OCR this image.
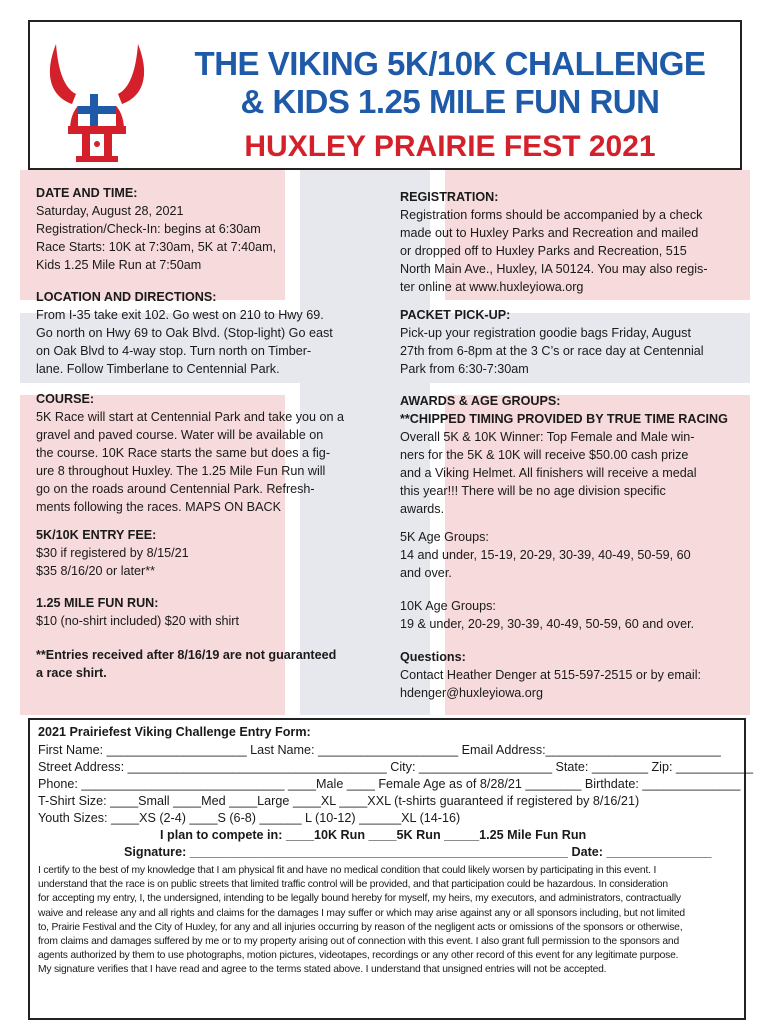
THE VIKING 5K/10K CHALLENGE
& KIDS 1.25 MILE FUN RUN
HUXLEY PRAIRIE FEST 2021
DATE AND TIME:
Saturday, August 28, 2021
Registration/Check-In: begins at 6:30am
Race Starts: 10K at 7:30am, 5K at 7:40am,
Kids 1.25 Mile Run at 7:50am
LOCATION AND DIRECTIONS:
From I-35 take exit 102. Go west on 210 to Hwy 69.
Go north on Hwy 69 to Oak Blvd. (Stop-light) Go east
on Oak Blvd to 4-way stop. Turn north on Timber-
lane. Follow Timberlane to Centennial Park.
COURSE:
5K Race will start at Centennial Park and take you on a
gravel and paved course. Water will be available on
the course. 10K Race starts the same but does a fig-
ure 8 throughout Huxley. The 1.25 Mile Fun Run will
go on the roads around Centennial Park. Refresh-
ments following the races. MAPS ON BACK
5K/10K ENTRY FEE:
$30 if registered by 8/15/21
$35 8/16/20 or later**
1.25 MILE FUN RUN:
$10 (no-shirt included) $20 with shirt
**Entries received after 8/16/19 are not guaranteed
a race shirt.
REGISTRATION:
Registration forms should be accompanied by a check
made out to Huxley Parks and Recreation and mailed
or dropped off to Huxley Parks and Recreation, 515
North Main Ave., Huxley, IA 50124. You may also regis-
ter online at www.huxleyiowa.org
PACKET PICK-UP:
Pick-up your registration goodie bags Friday, August
27th from 6-8pm at the 3 C’s or race day at Centennial
Park from 6:30-7:30am
AWARDS & AGE GROUPS:
**CHIPPED TIMING PROVIDED BY TRUE TIME RACING
Overall 5K & 10K Winner: Top Female and Male win-
ners for the 5K & 10K will receive $50.00 cash prize
and a Viking Helmet. All finishers will receive a medal
this year!!! There will be no age division specific
awards.
5K Age Groups:
14 and under, 15-19, 20-29, 30-39, 40-49, 50-59, 60
and over.
10K Age Groups:
19 & under, 20-29, 30-39, 40-49, 50-59, 60 and over.
Questions:
Contact Heather Denger at 515-597-2515 or by email:
hdenger@huxleyiowa.org
2021 Prairiefest Viking Challenge Entry Form:
First Name: ____________________ Last Name: ____________________ Email Address:_________________________
Street Address: _____________________________________ City: ___________________ State: ________ Zip: ___________
Phone: _____________________________ ____Male ____ Female Age as of 8/28/21 ________ Birthdate: ______________
T-Shirt Size: ____Small ____Med ____Large ____XL ____XXL (t-shirts guaranteed if registered by 8/16/21)
Youth Sizes: ____XS (2-4) ____S (6-8) ______ L (10-12) ______XL (14-16)
I plan to compete in: ____10K Run ____5K Run _____1.25 Mile Fun Run
Signature: ______________________________________________________ Date: _______________
I certify to the best of my knowledge that I am physical fit and have no medical condition that could likely worsen by participating in this event. I
understand that the race is on public streets that limited traffic control will be provided, and that participation could be hazardous. In consideration
for accepting my entry, I, the undersigned, intending to be legally bound hereby for myself, my heirs, my executors, and administrators, contractually
waive and release any and all rights and claims for the damages I may suffer or which may arise against any or all sponsors including, but not limited
to, Prairie Festival and the City of Huxley, for any and all injuries occurring by reason of the negligent acts or omissions of the sponsors or otherwise,
from claims and damages suffered by me or to my property arising out of connection with this event. I also grant full permission to the sponsors and
agents authorized by them to use photographs, motion pictures, videotapes, recordings or any other record of this event for any legitimate purpose.
My signature verifies that I have read and agree to the terms stated above. I understand that unsigned entries will not be accepted.
